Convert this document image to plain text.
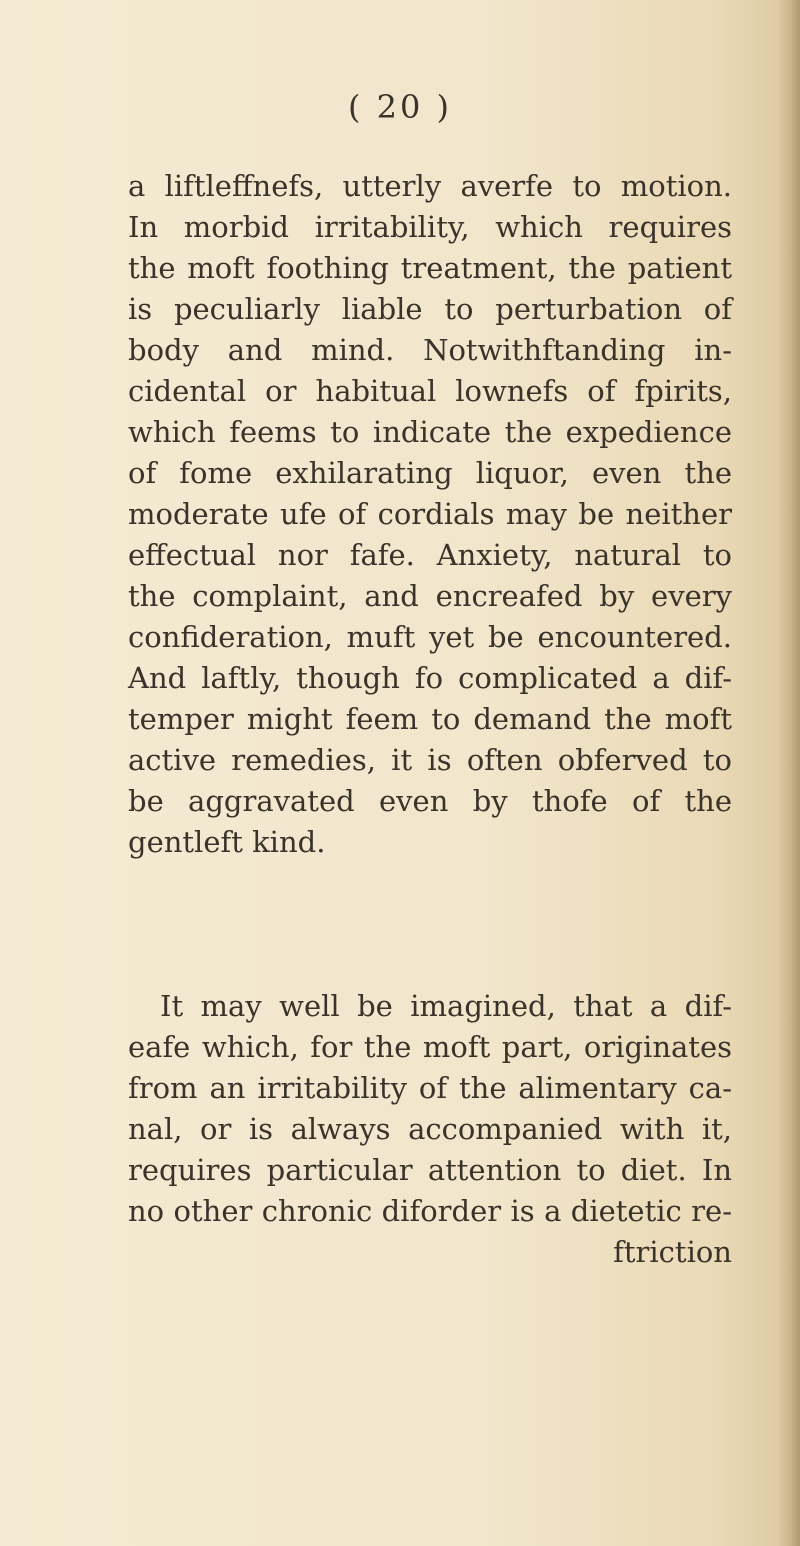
( 20 )
a liftleffnefs, utterly averfe to motion.
In morbid irritability, which requires
the moft foothing treatment, the patient
is peculiarly liable to perturbation of
body and mind. Notwithftanding in-
cidental or habitual lownefs of fpirits,
which feems to indicate the expedience
of fome exhilarating liquor, even the
moderate ufe of cordials may be neither
effectual nor fafe. Anxiety, natural to
the complaint, and encreafed by every
confideration, muft yet be encountered.
And laftly, though fo complicated a dif-
temper might feem to demand the moft
active remedies, it is often obferved to
be aggravated even by thofe of the
gentleft kind.
It may well be imagined, that a dif-
eafe which, for the moft part, originates
from an irritability of the alimentary ca-
nal, or is always accompanied with it,
requires particular attention to diet. In
no other chronic diforder is a dietetic re-
ftriction
